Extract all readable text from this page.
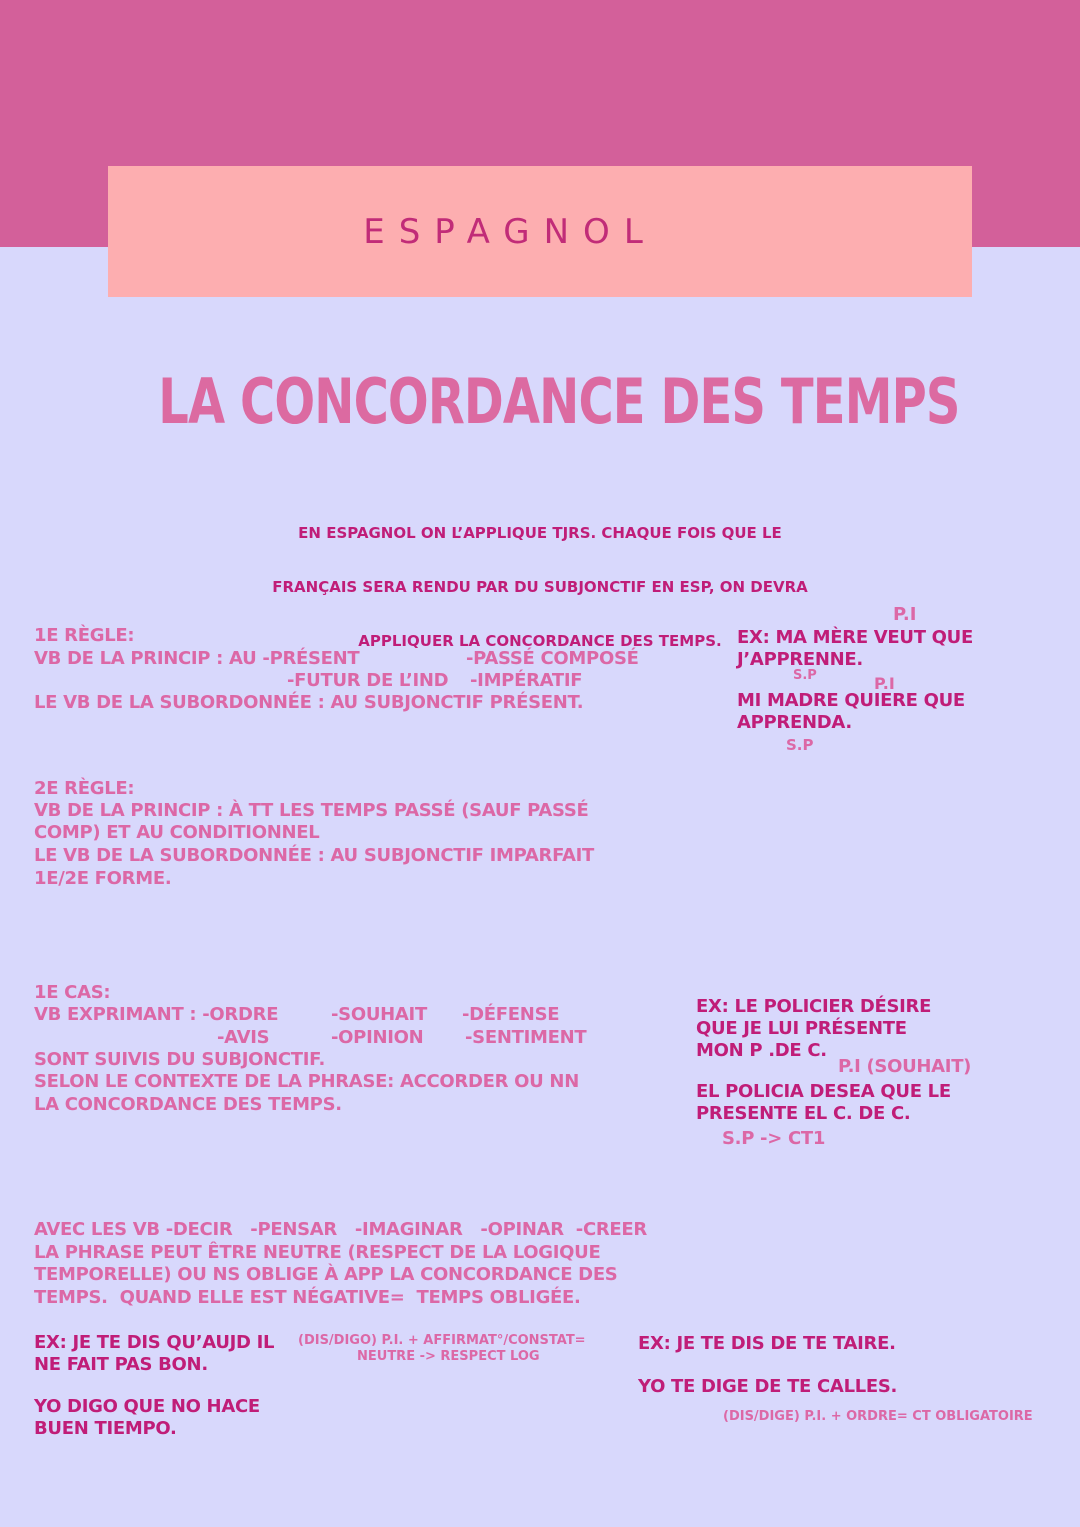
ESPAGNOL
LA CONCORDANCE DES TEMPS

EN ESPAGNOL ON L’APPLIQUE TJRS. CHAQUE FOIS QUE LE

FRANÇAIS SERA RENDU PAR DU SUBJONCTIF EN ESP, ON DEVRA

APPLIQUER LA CONCORDANCE DES TEMPS.

1E RÈGLE:
VB DE LA PRINCIP : AU -PRÉSENT	-PASSÉ COMPOSÉ
-FUTUR DE L’IND -IMPÉRATIF
LE VB DE LA SUBORDONNÉE : AU SUBJONCTIF PRÉSENT.
P.I
EX: MA MÈRE VEUT QUE
J’APPRENNE.
S.P	P.I
MI MADRE QUIERE QUE
APPRENDA.
S.P
2E RÈGLE:
VB DE LA PRINCIP : À TT LES TEMPS PASSÉ (SAUF PASSÉ
COMP) ET AU CONDITIONNEL
LE VB DE LA SUBORDONNÉE : AU SUBJONCTIF IMPARFAIT
1E/2E FORME.
1E CAS:
VB EXPRIMANT : -ORDRE	-SOUHAIT -DÉFENSE
-AVIS	-OPINION -SENTIMENT
SONT SUIVIS DU SUBJONCTIF.
SELON LE CONTEXTE DE LA PHRASE: ACCORDER OU NN
LA CONCORDANCE DES TEMPS.
EX: LE POLICIER DÉSIRE
QUE JE LUI PRÉSENTE
MON P .DE C.
P.I (SOUHAIT)
EL POLICIA DESEA QUE LE
PRESENTE EL C. DE C.
S.P -> CT1
AVEC LES VB -DECIR   -PENSAR   -IMAGINAR   -OPINAR  -CREER
LA PHRASE PEUT ÊTRE NEUTRE (RESPECT DE LA LOGIQUE
TEMPORELLE) OU NS OBLIGE À APP LA CONCORDANCE DES
TEMPS.  QUAND ELLE EST NÉGATIVE=  TEMPS OBLIGÉE.
EX: JE TE DIS QU’AUJD IL
NE FAIT PAS BON.
(DIS/DIGO) P.I. + AFFIRMAT°/CONSTAT=
NEUTRE -> RESPECT LOG
YO DIGO QUE NO HACE
BUEN TIEMPO.
EX: JE TE DIS DE TE TAIRE.
YO TE DIGE DE TE CALLES.
(DIS/DIGE) P.I. + ORDRE= CT OBLIGATOIRE
